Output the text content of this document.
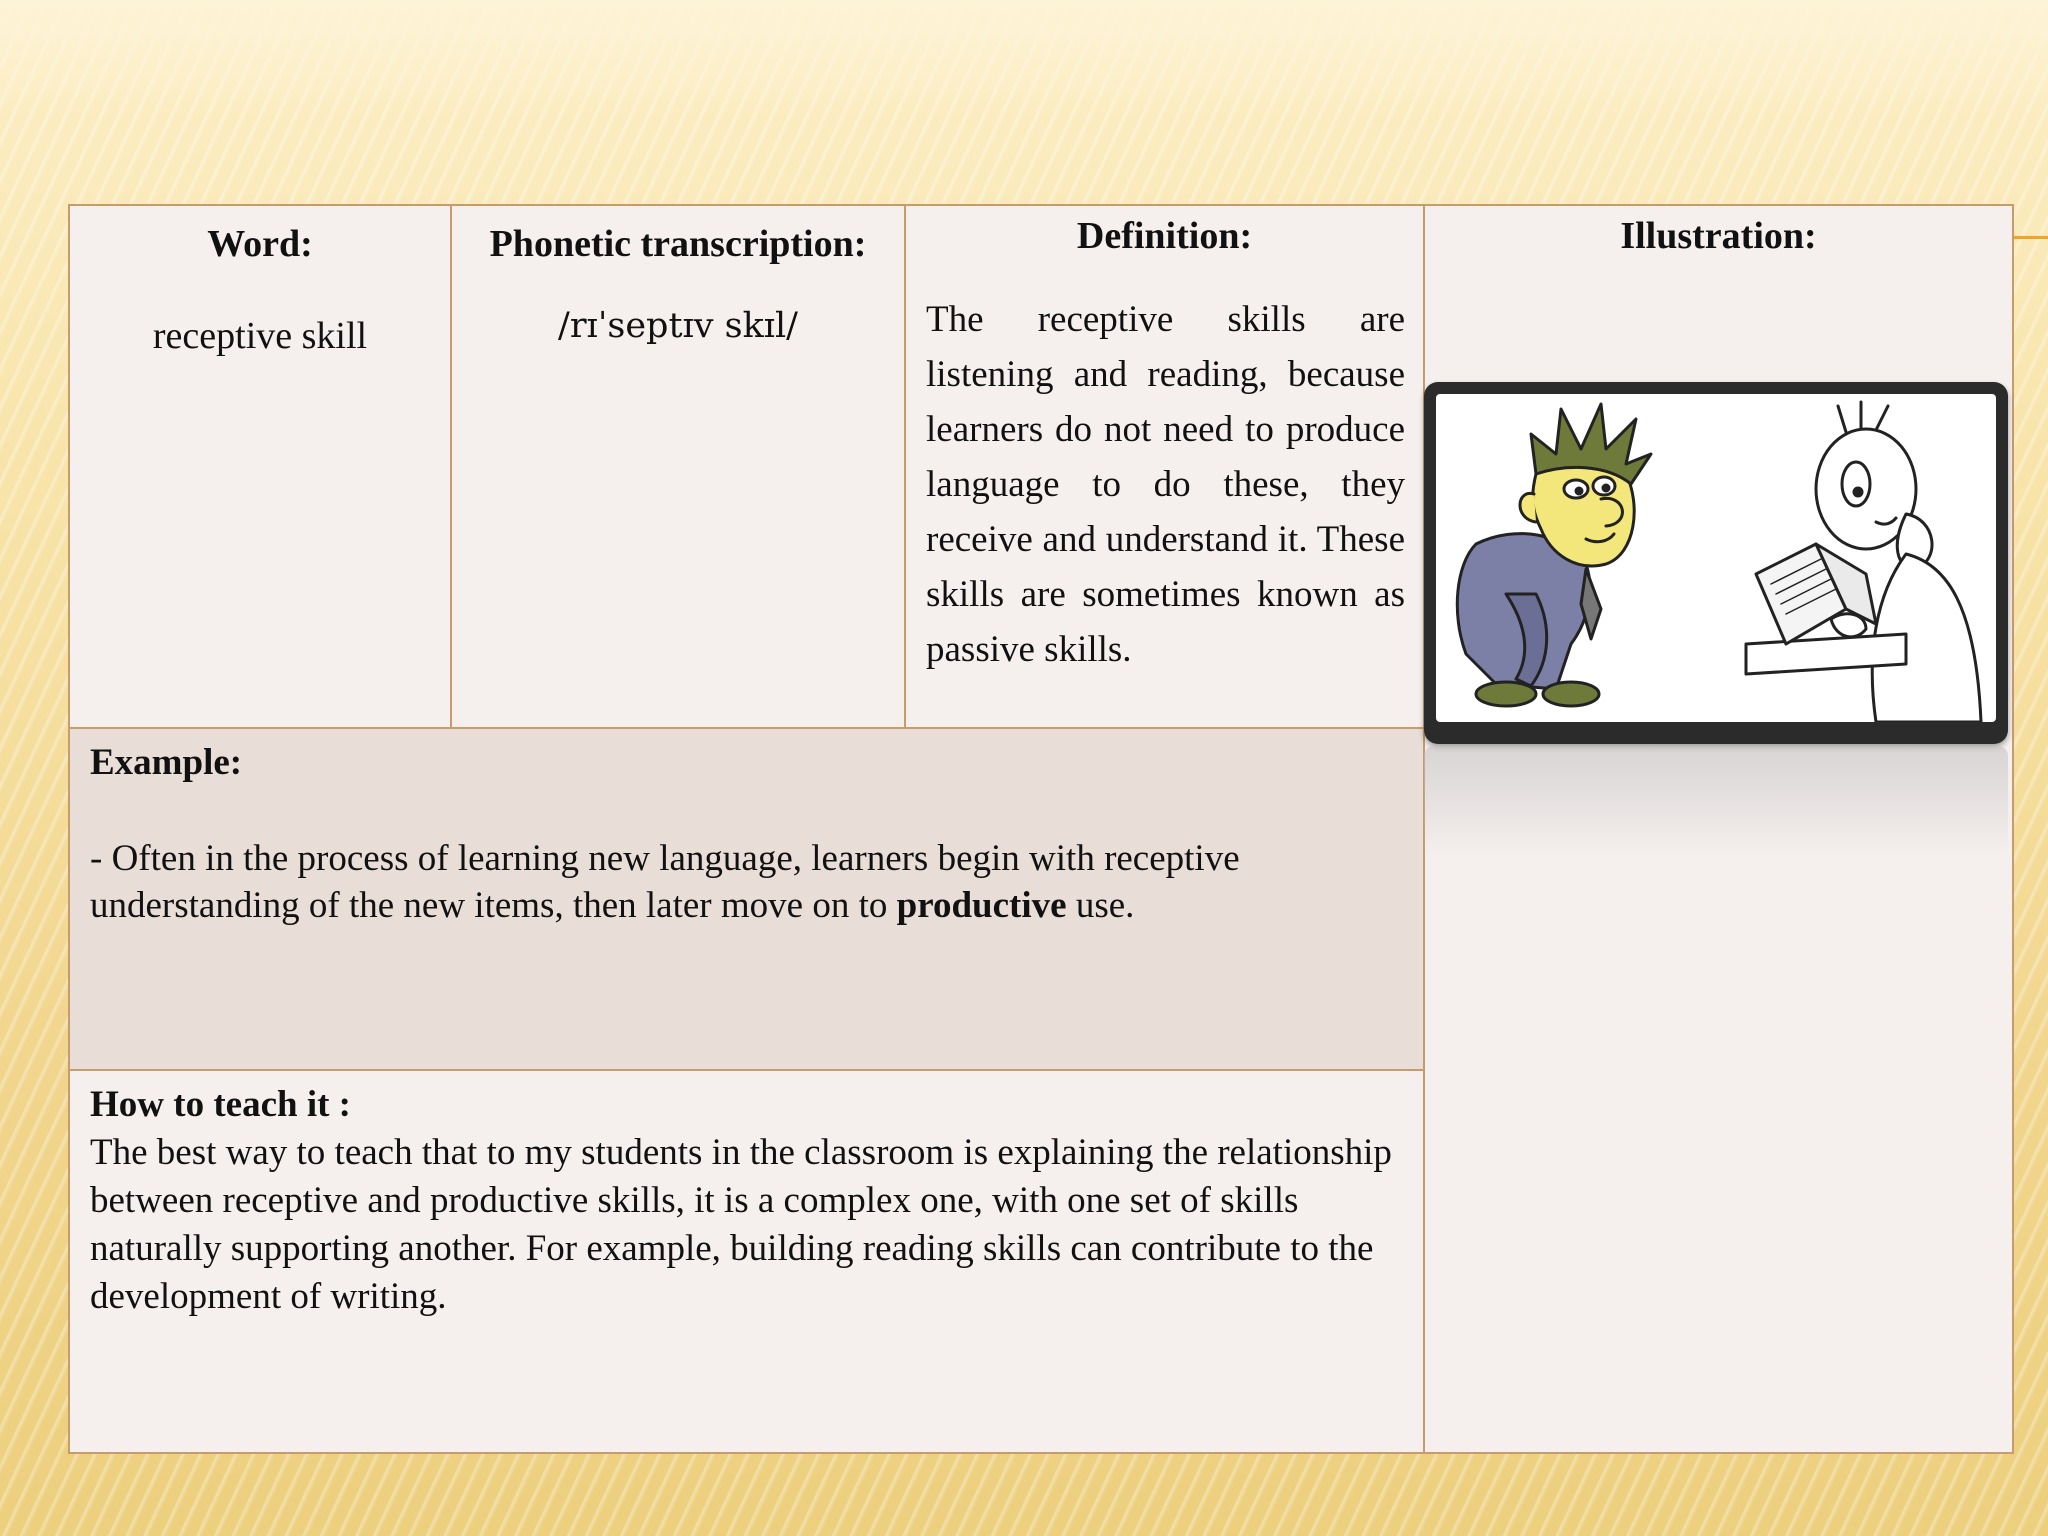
Word:
receptive skill
Phonetic transcription:
/rɪˈseptɪv skɪl/
Definition:
The receptive skills are listening and reading, because learners do not need to produce language to do these, they receive and understand it. These skills are sometimes known as passive skills.
Illustration:
Example:
- Often in the process of learning new language, learners begin with receptive understanding of the new items, then later move on to productive use.
How to teach it :
The best way to teach that to my students in the classroom is explaining the relationship between receptive and productive skills, it is a complex one, with one set of skills naturally supporting another. For example, building reading skills can contribute to the development of writing.
